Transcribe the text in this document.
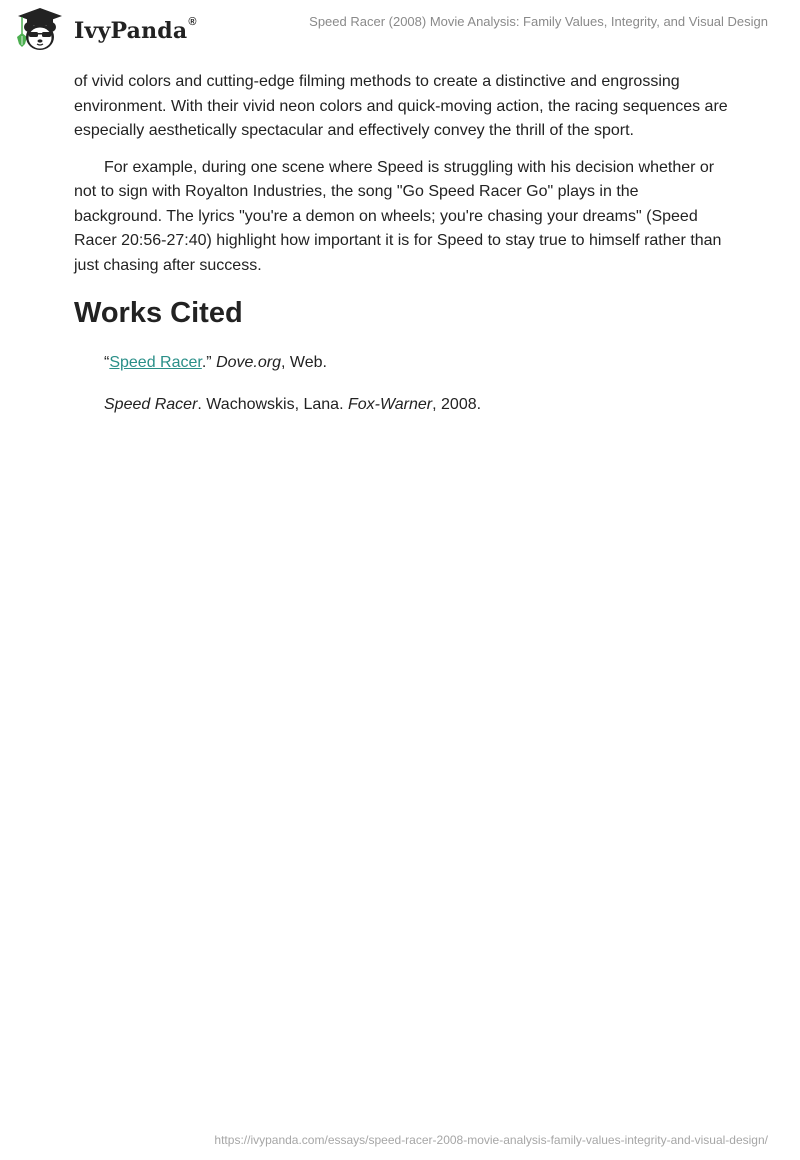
IvyPanda®	Speed Racer (2008) Movie Analysis: Family Values, Integrity, and Visual Design

of vivid colors and cutting-edge filming methods to create a distinctive and engrossing environment. With their vivid neon colors and quick-moving action, the racing sequences are especially aesthetically spectacular and effectively convey the thrill of the sport.

For example, during one scene where Speed is struggling with his decision whether or not to sign with Royalton Industries, the song "Go Speed Racer Go" plays in the background. The lyrics "you're a demon on wheels; you're chasing your dreams" (Speed Racer 20:56-27:40) highlight how important it is for Speed to stay true to himself rather than just chasing after success.

Works Cited

“Speed Racer.” Dove.org, Web.

Speed Racer. Wachowskis, Lana. Fox-Warner, 2008.

https://ivypanda.com/essays/speed-racer-2008-movie-analysis-family-values-integrity-and-visual-design/
